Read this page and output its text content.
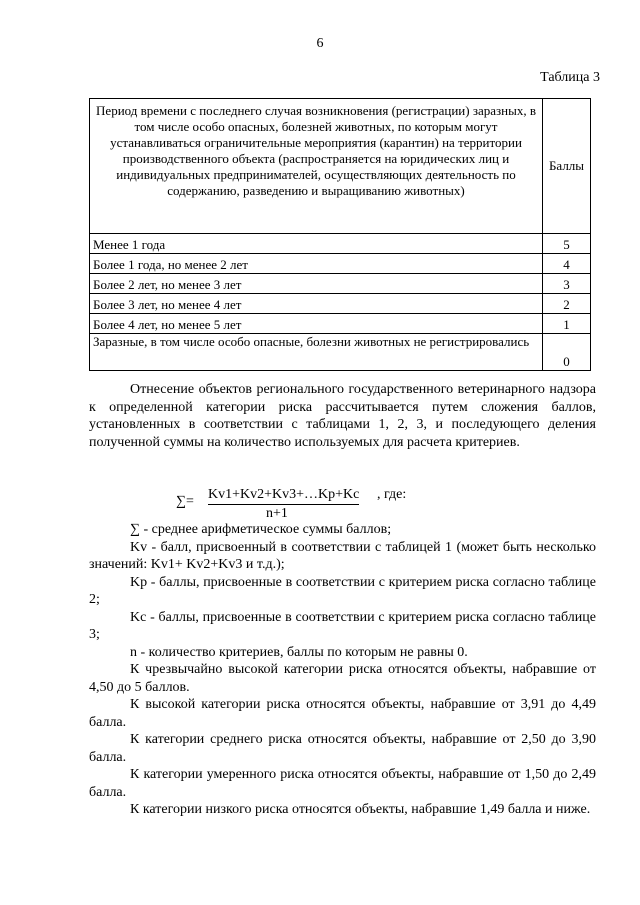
6
Таблица 3
Период времени с последнего случая возникновения (регистрации) заразных, в том числе особо опасных, болезней животных, по которым могут устанавливаться ограничительные мероприятия (карантин) на территории производственного объекта (распространяется на юридических лиц и индивидуальных предпринимателей, осуществляющих деятельность по содержанию, разведению и выращиванию животных)	Баллы
Менее 1 года	5
Более 1 года, но менее 2 лет	4
Более 2 лет, но менее 3 лет	3
Более 3 лет, но менее 4 лет	2
Более 4 лет, но менее 5 лет	1
Заразные, в том числе особо опасные, болезни животных не регистрировались	0

Отнесение объектов регионального государственного ветеринарного надзора к определенной категории риска рассчитывается путем сложения баллов, установленных в соответствии с таблицами 1, 2, 3, и последующего деления полученной суммы на количество используемых для расчета критериев.

∑= Kv1+Kv2+Kv3+…Kp+Kc
n+1
, где:

∑ - среднее арифметическое суммы баллов;

Kv - балл, присвоенный в соответствии с таблицей 1 (может быть несколько значений: Kv1+ Kv2+Kv3 и т.д.);

Kp - баллы, присвоенные в соответствии с критерием риска согласно таблице 2;

Kc - баллы, присвоенные в соответствии с критерием риска согласно таблице 3;

n - количество критериев, баллы по которым не равны 0.

К чрезвычайно высокой категории риска относятся объекты, набравшие от 4,50 до 5 баллов.

К высокой категории риска относятся объекты, набравшие от 3,91 до 4,49 балла.

К категории среднего риска относятся объекты, набравшие от 2,50 до 3,90 балла.

К категории умеренного риска относятся объекты, набравшие от 1,50 до 2,49 балла.

К категории низкого риска относятся объекты, набравшие 1,49 балла и ниже.
